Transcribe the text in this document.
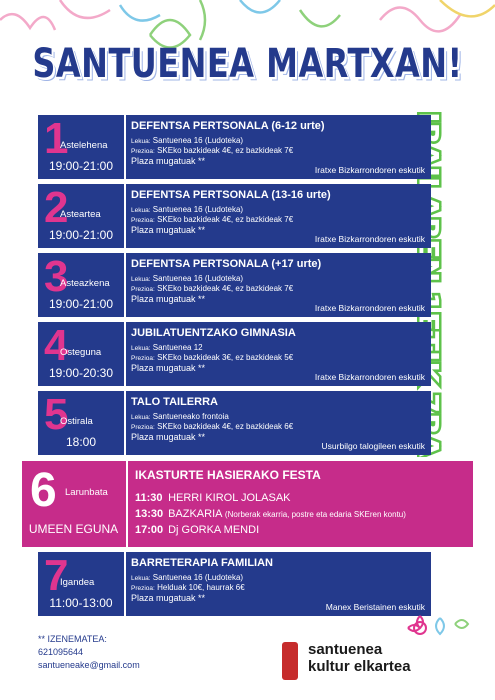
SANTUENEA MARTXAN!
1
Astelehena
19:00-21:00
DEFENTSA PERTSONALA (6-12 urte)
Lekua: Santuenea 16 (Ludoteka)
Prezioa: SKEko bazkideak 4€, ez bazkideak 7€
Plaza mugatuak **
Iratxe Bizkarrondoren eskutik
2
Asteartea
19:00-21:00
DEFENTSA PERTSONALA (13-16 urte)
Lekua: Santuenea 16 (Ludoteka)
Prezioa: SKEko bazkideak 4€, ez bazkideak 7€
Plaza mugatuak **
Iratxe Bizkarrondoren eskutik
3
Asteazkena
19:00-21:00
DEFENTSA PERTSONALA (+17 urte)
Lekua: Santuenea 16 (Ludoteka)
Prezioa: SKEko bazkideak 4€, ez bazkideak 7€
Plaza mugatuak **
Iratxe Bizkarrondoren eskutik
4
Osteguna
19:00-20:30
JUBILATUENTZAKO GIMNASIA
Lekua: Santuenea 12
Prezioa: SKEko bazkideak 3€, ez bazkideak 5€
Plaza mugatuak **
Iratxe Bizkarrondoren eskutik
5
Ostirala
18:00
TALO TAILERRA
Lekua: Santueneako frontoia
Prezioa: SKEko bazkideak 4€, ez bazkideak 6€
Plaza mugatuak **
Usurbilgo talogileen eskutik
6 Larunbata
UMEEN EGUNA
IKASTURTE HASIERAKO FESTA
11:30 HERRI KIROL JOLASAK
13:30 BAZKARIA (Norberak ekarria, postre eta edaria SKEren kontu)
17:00 Dj GORKA MENDI
7
Igandea
11:00-13:00
BARRETERAPIA FAMILIAN
Lekua: Santuenea 16 (Ludoteka)
Prezioa: Helduak 10€, haurrak 6€
Plaza mugatuak **
Manex Beristainen eskutik
** IZENEMATEA:
621095644
santueneake@gmail.com
santuenea
kultur elkartea
